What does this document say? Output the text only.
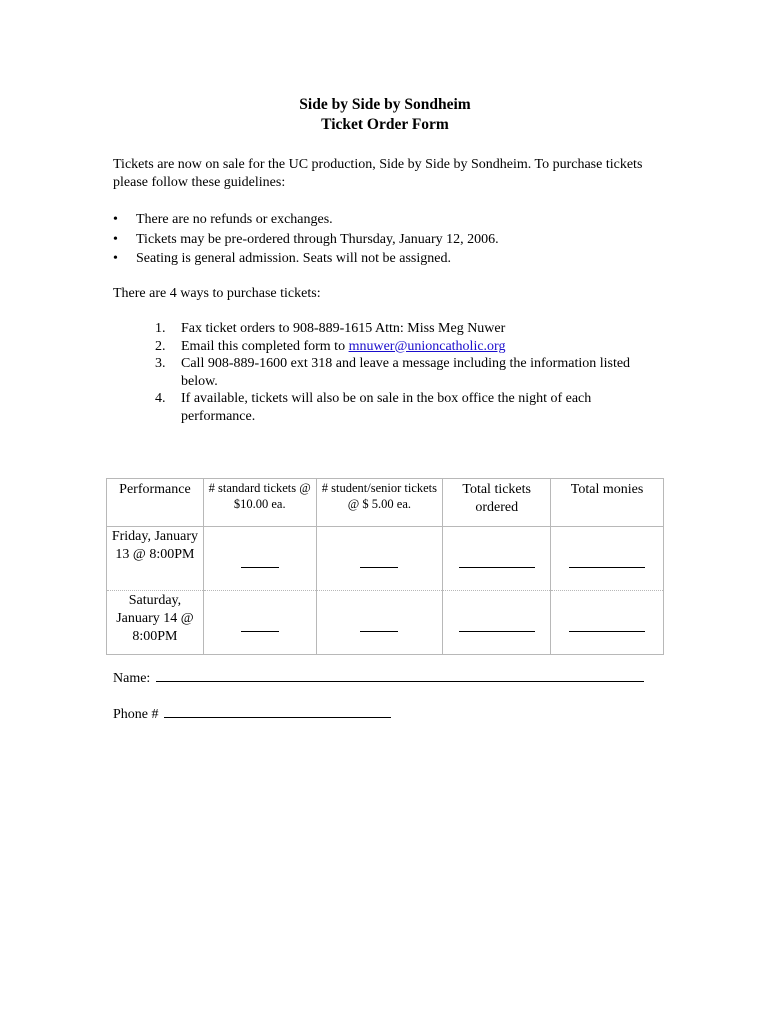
Side by Side by Sondheim
Ticket Order Form
Tickets are now on sale for the UC production, Side by Side by Sondheim. To purchase tickets please follow these guidelines:
• There are no refunds or exchanges.
• Tickets may be pre-ordered through Thursday, January 12, 2006.
• Seating is general admission. Seats will not be assigned.
There are 4 ways to purchase tickets:
1. Fax ticket orders to 908-889-1615 Attn: Miss Meg Nuwer
2. Email this completed form to mnuwer@unioncatholic.org
3. Call 908-889-1600 ext 318 and leave a message including the information listed below.
4. If available, tickets will also be on sale in the box office the night of each performance.
Performance	# standard tickets @ $10.00 ea.	# student/senior tickets @ $ 5.00 ea.	Total tickets ordered	Total monies
Friday, January 13 @ 8:00PM				
Saturday, January 14 @ 8:00PM				
Name:
Phone #
